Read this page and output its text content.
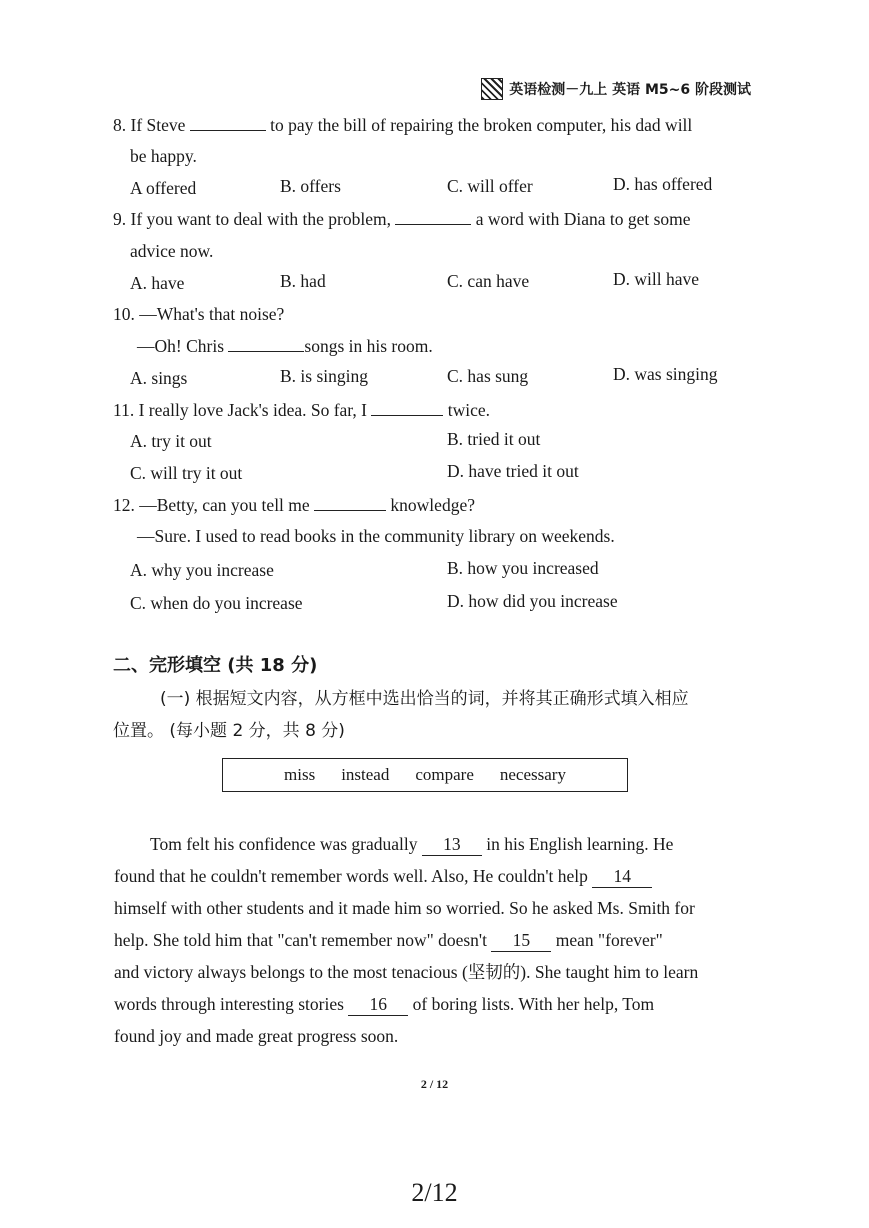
英语检测－九上 英语 M5~6 阶段测试
8. If Steve	to pay the bill of repairing the broken computer, his dad will
be happy.
A offered	B. offers	C. will offer	D. has offered
9. If you want to deal with the problem,	a word with Diana to get some
advice now.
A. have	B. had	C. can have	D. will have
10. —What's that noise?
—Oh! Chris	songs in his room.
A. sings	B. is singing	C. has sung	D. was singing
11. I really love Jack's idea. So far, I	twice.
A. try it out	B. tried it out
C. will try it out	D. have tried it out
12. —Betty, can you tell me	knowledge?
—Sure. I used to read books in the community library on weekends.
A. why you increase	B. how you increased
C. when do you increase	D. how did you increase
二、完形填空 (共 18 分)
(一) 根据短文内容，从方框中选出恰当的词，并将其正确形式填入相应
位置。 (每小题 2 分，共 8 分)
miss instead compare necessary
Tom felt his confidence was gradually 13 in his English learning. He
found that he couldn't remember words well. Also, He couldn't help 14
himself with other students and it made him so worried. So he asked Ms. Smith for
help. She told him that "can't remember now" doesn't 15 mean "forever"
and victory always belongs to the most tenacious (坚韧的). She taught him to learn
words through interesting stories 16 of boring lists. With her help, Tom
found joy and made great progress soon.
2 / 12
2/12
